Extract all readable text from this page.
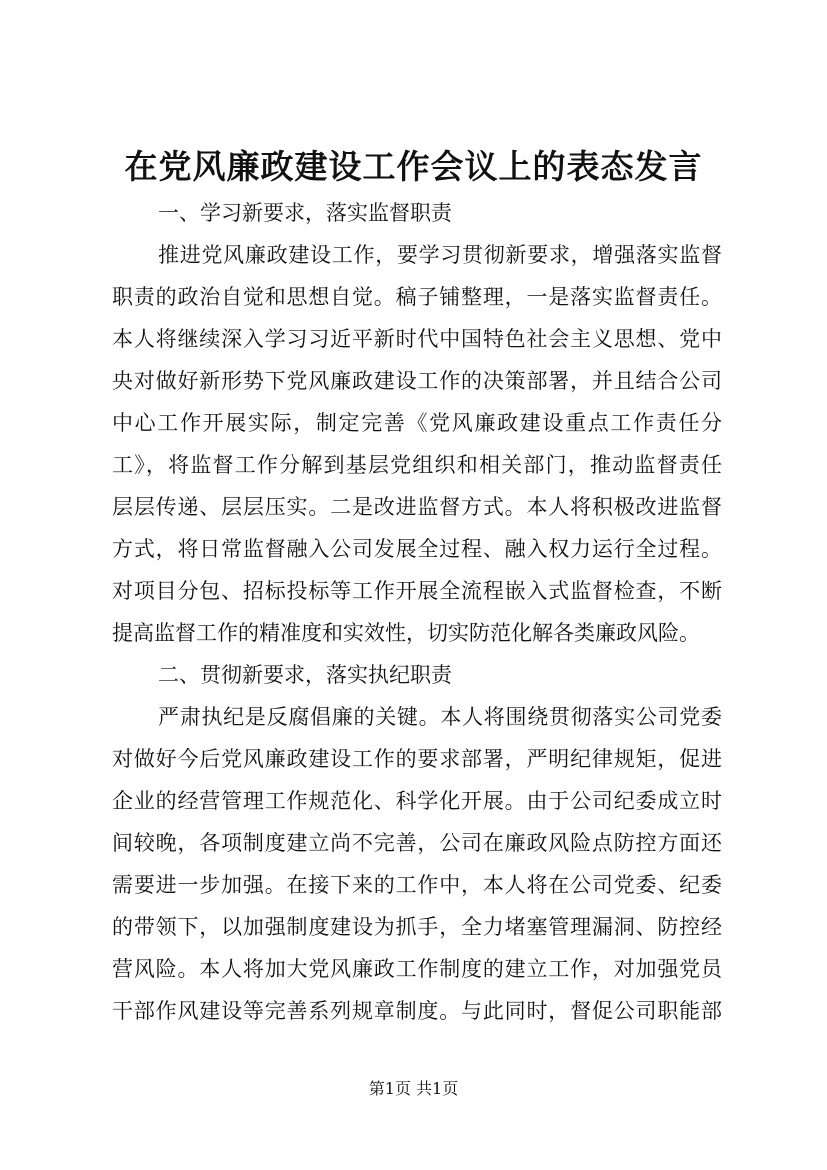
在党风廉政建设工作会议上的表态发言
一、学习新要求，落实监督职责
推进党风廉政建设工作，要学习贯彻新要求，增强落实监督
职责的政治自觉和思想自觉。稿子铺整理，一是落实监督责任。
本人将继续深入学习习近平新时代中国特色社会主义思想、党中
央对做好新形势下党风廉政建设工作的决策部署，并且结合公司
中心工作开展实际，制定完善《党风廉政建设重点工作责任分
工》，将监督工作分解到基层党组织和相关部门，推动监督责任
层层传递、层层压实。二是改进监督方式。本人将积极改进监督
方式，将日常监督融入公司发展全过程、融入权力运行全过程。
对项目分包、招标投标等工作开展全流程嵌入式监督检查，不断
提高监督工作的精准度和实效性，切实防范化解各类廉政风险。
二、贯彻新要求，落实执纪职责
严肃执纪是反腐倡廉的关键。本人将围绕贯彻落实公司党委
对做好今后党风廉政建设工作的要求部署，严明纪律规矩，促进
企业的经营管理工作规范化、科学化开展。由于公司纪委成立时
间较晚，各项制度建立尚不完善，公司在廉政风险点防控方面还
需要进一步加强。在接下来的工作中，本人将在公司党委、纪委
的带领下，以加强制度建设为抓手，全力堵塞管理漏洞、防控经
营风险。本人将加大党风廉政工作制度的建立工作，对加强党员
干部作风建设等完善系列规章制度。与此同时，督促公司职能部
第1页 共1页
